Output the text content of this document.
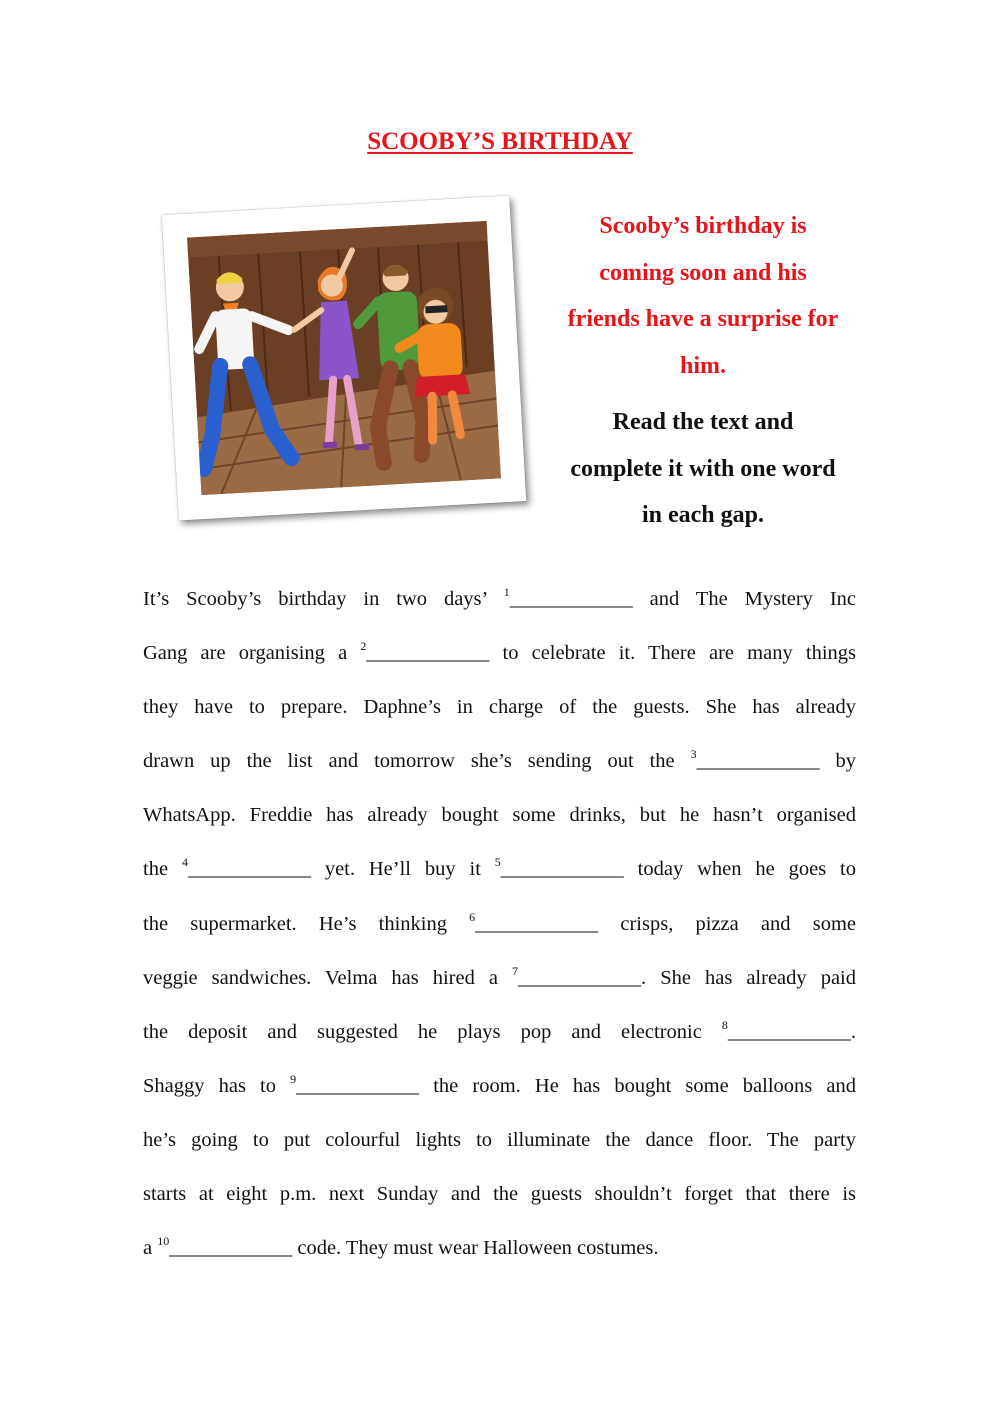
SCOOBY’S BIRTHDAY
Scooby’s birthday is
coming soon and his
friends have a surprise for
him.
Read the text and
complete it with one word
in each gap.
It’s Scooby’s birthday in two days’ $^1$____________ and The Mystery Inc
Gang are organising a $^2$____________ to celebrate it. There are many things
they have to prepare. Daphne’s in charge of the guests. She has already
drawn up the list and tomorrow she’s sending out the $^3$____________ by
WhatsApp. Freddie has already bought some drinks, but he hasn’t organised
the $^4$____________ yet. He’ll buy it $^5$____________ today when he goes to
the supermarket. He’s thinking $^6$____________ crisps, pizza and some
veggie sandwiches. Velma has hired a $^7$____________. She has already paid
the deposit and suggested he plays pop and electronic $^8$____________.
Shaggy has to $^9$____________ the room. He has bought some balloons and
he’s going to put colourful lights to illuminate the dance floor. The party
starts at eight p.m. next Sunday and the guests shouldn’t forget that there is
a $^{10}$____________ code. They must wear Halloween costumes.
